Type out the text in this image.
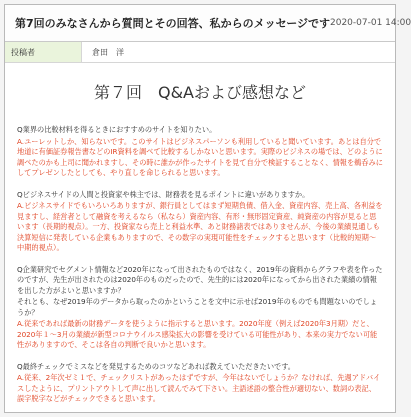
第7回のみなさんから質問とその回答、私からのメッセージです 2020-07-01 14:00
投稿者	倉田　洋
第７回　Q&Aおよび感想など

Q業界の比較材料を得るときにおすすめのサイトを知りたい。

A.ユーレットしか、知らないです。このサイトはビジネスパーソンも利用していると聞いています。あとは自分で地道に有価証券報告書などのIR資料を調べて比較するしかないと思います。実際のビジネスの場では、どのように調べたのかも上司に聞かれますし、その時に誰かが作ったサイトを見て自分で検証することなく、情報を鵜呑みにしてプレゼンしたとしても、やり直しを命じられると思います。

Qビジネスサイドの人間と投資家や株主では、財務表を見るポイントに違いがありますか。

A.ビジネスサイドでもいろいろありますが、銀行員としてはまず短期負債、借入金、資産内容、売上高、各利益を見ますし、経営者として融資を考えるなら（私なら）資産内容、有形・無形固定資産、純資産の内容が見ると思います（長期的視点）。一方、投資家なら売上と利益水準、あと財務諸表ではありませんが、今後の業績見通しも決算短信に発表している企業もありますので、その数字の実現可能性をチェックすると思います（比較的短期〜中期的視点）。

Q企業研究でセグメント情報など2020年になって出されたものではなく、2019年の資料からグラフや表を作ったのですが、先生が出されたのは2020年のものだったので、先生的には2020年になってから出された業績の情報を出した方がよいと思いますか？

それとも、なぜ2019年のデータから取ったのかということを文中に示せば2019年のものでも問題ないのでしょうか？

A.従来であれば最新の財務データを使うように指示すると思います。2020年度（例えば2020年3月期）だと、2020年１〜3月の業績が新型コロナウイルス感染拡大の影響を受けている可能性があり、本来の実力でない可能性がありますので、そこは各自の判断で良いかと思います。

Q最終チェックでミスなどを発見するためのコツなどあれば教えていただきたいです。

A.従来、2年次ゼミ１で、チェックリストがあったはずですが、今年はないでしょうか？なければ、先週アドバイスしたように、プリントアウトして声に出して読んでみて下さい。主語述語の整合性が適切ない、数詞の表記、誤字脱字などがチェックできると思います。
